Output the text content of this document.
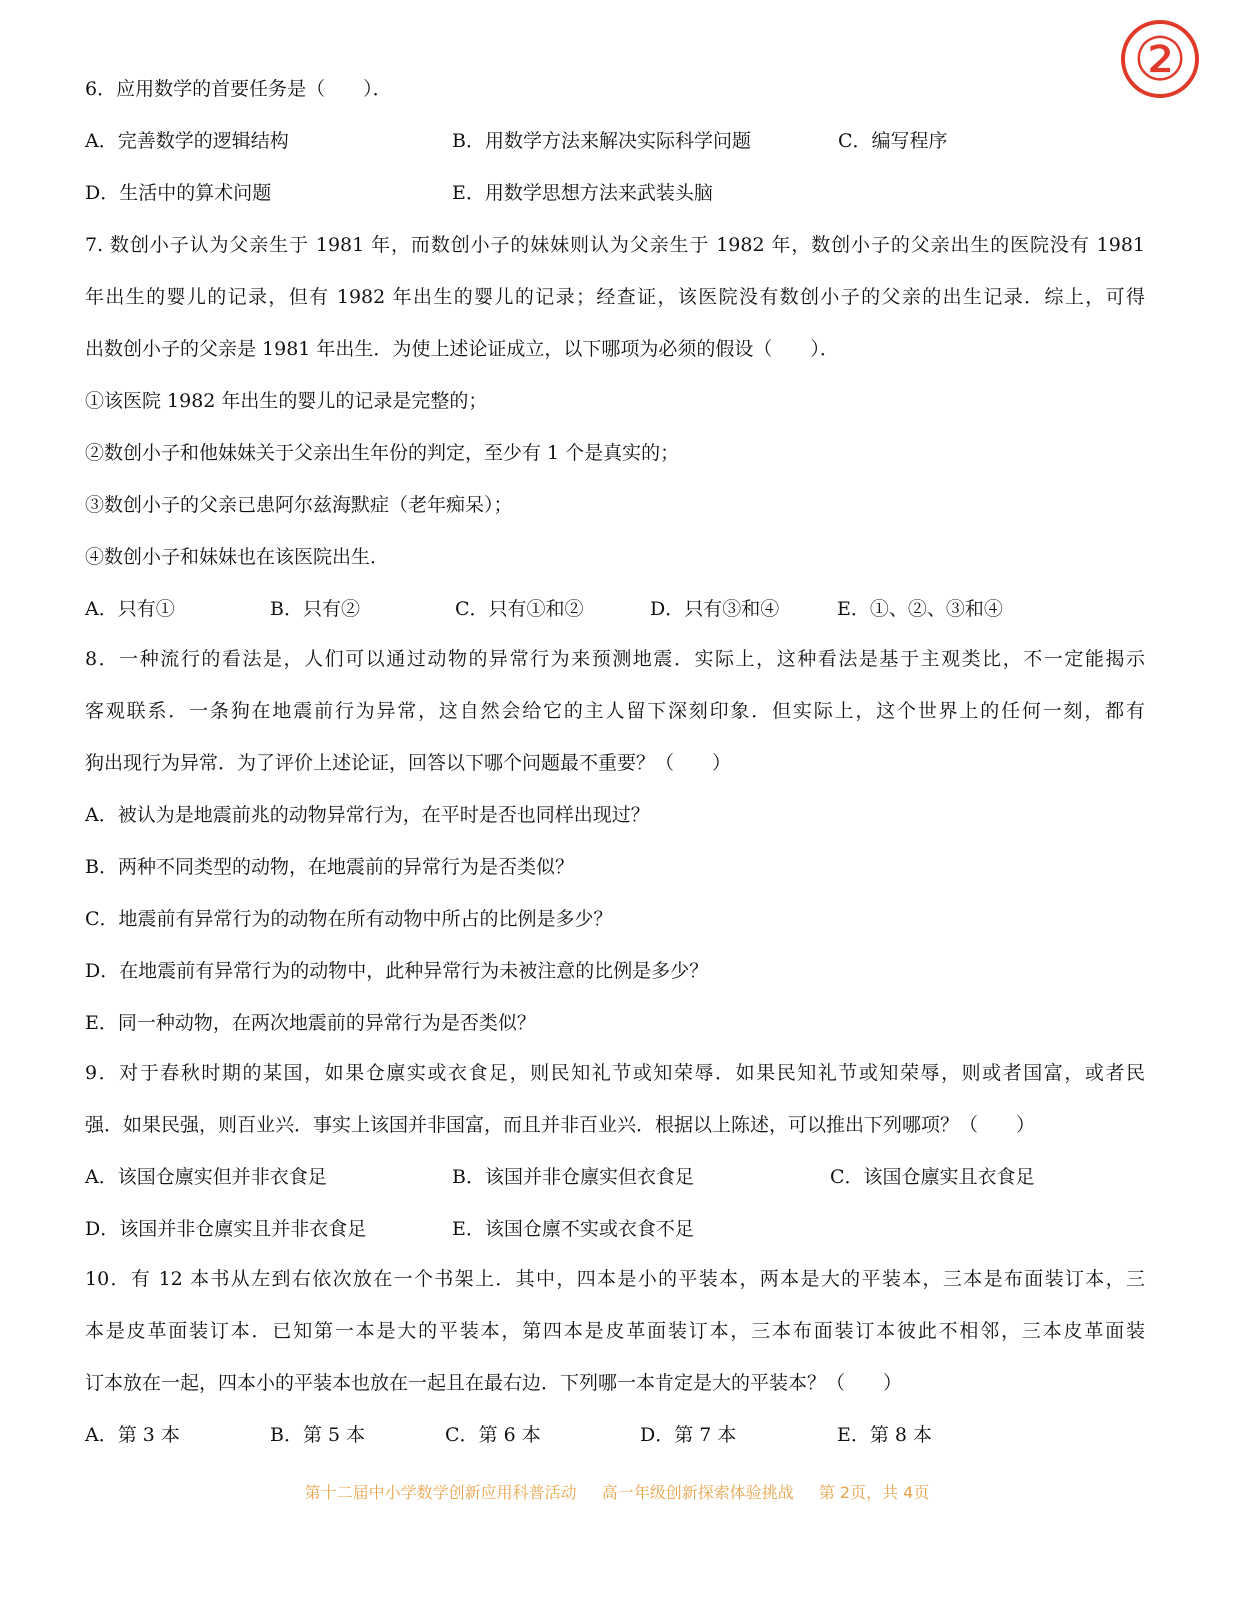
②
6．应用数学的首要任务是（　　）．
A．完善数学的逻辑结构	B．用数学方法来解决实际科学问题	C．编写程序
D．生活中的算术问题	E．用数学思想方法来武装头脑
7. 数创小子认为父亲生于 1981 年，而数创小子的妹妹则认为父亲生于 1982 年，数创小子的父亲出生的医院没有 1981
年出生的婴儿的记录，但有 1982 年出生的婴儿的记录；经查证，该医院没有数创小子的父亲的出生记录．综上，可得
出数创小子的父亲是 1981 年出生．为使上述论证成立，以下哪项为必须的假设（　　）．
①该医院 1982 年出生的婴儿的记录是完整的；
②数创小子和他妹妹关于父亲出生年份的判定，至少有 1 个是真实的；
③数创小子的父亲已患阿尔兹海默症（老年痴呆）；
④数创小子和妹妹也在该医院出生．
A．只有①	B．只有②	C．只有①和②	D．只有③和④	E．①、②、③和④
8．一种流行的看法是，人们可以通过动物的异常行为来预测地震．实际上，这种看法是基于主观类比，不一定能揭示
客观联系．一条狗在地震前行为异常，这自然会给它的主人留下深刻印象．但实际上，这个世界上的任何一刻，都有
狗出现行为异常．为了评价上述论证，回答以下哪个问题最不重要？（　　）
A．被认为是地震前兆的动物异常行为，在平时是否也同样出现过？
B．两种不同类型的动物，在地震前的异常行为是否类似？
C．地震前有异常行为的动物在所有动物中所占的比例是多少？
D．在地震前有异常行为的动物中，此种异常行为未被注意的比例是多少？
E．同一种动物，在两次地震前的异常行为是否类似？
9．对于春秋时期的某国，如果仓廪实或衣食足，则民知礼节或知荣辱．如果民知礼节或知荣辱，则或者国富，或者民
强．如果民强，则百业兴．事实上该国并非国富，而且并非百业兴．根据以上陈述，可以推出下列哪项？（　　）
A．该国仓廪实但并非衣食足	B．该国并非仓廪实但衣食足	C．该国仓廪实且衣食足
D．该国并非仓廪实且并非衣食足	E．该国仓廪不实或衣食不足
10．有 12 本书从左到右依次放在一个书架上．其中，四本是小的平装本，两本是大的平装本，三本是布面装订本，三
本是皮革面装订本．已知第一本是大的平装本，第四本是皮革面装订本，三本布面装订本彼此不相邻，三本皮革面装
订本放在一起，四本小的平装本也放在一起且在最右边．下列哪一本肯定是大的平装本？（　　）
A．第 3 本	B．第 5 本	C．第 6 本	D．第 7 本	E．第 8 本
第十二届中小学数学创新应用科普活动 高一年级创新探索体验挑战 第 2页，共 4页
